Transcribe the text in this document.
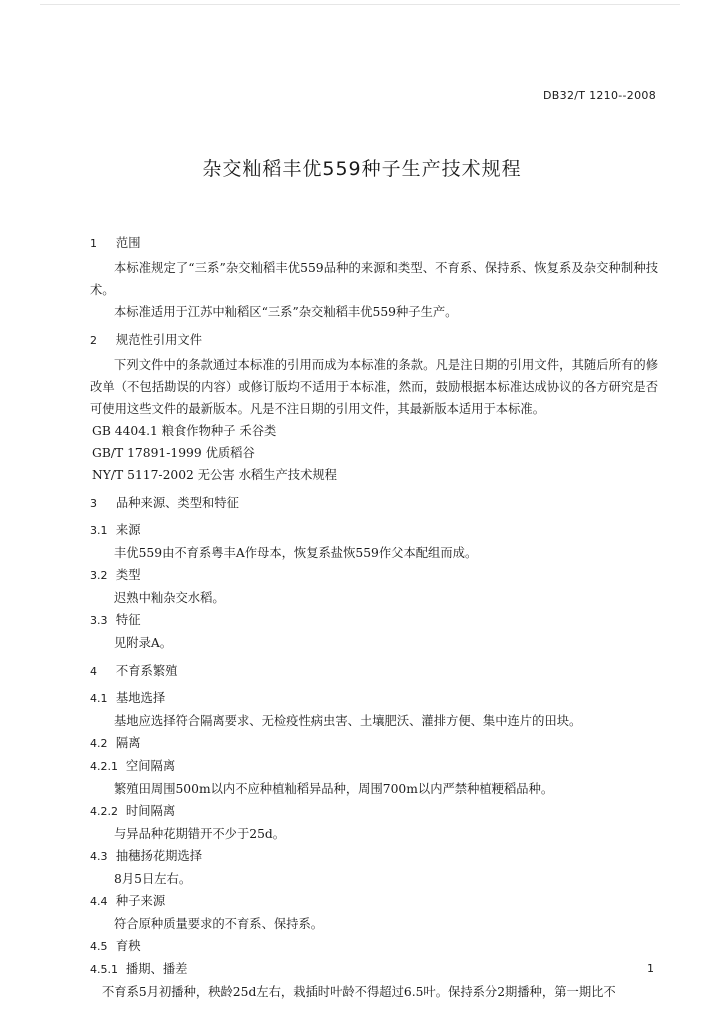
DB32/T 1210--2008
杂交籼稻丰优559种子生产技术规程
1 范围

本标准规定了“三系”杂交籼稻丰优559品种的来源和类型、不育系、保持系、恢复系及杂交种制种技术。

本标准适用于江苏中籼稻区“三系”杂交籼稻丰优559种子生产。

2 规范性引用文件

下列文件中的条款通过本标准的引用而成为本标准的条款。凡是注日期的引用文件，其随后所有的修改单（不包括勘误的内容）或修订版均不适用于本标准，然而，鼓励根据本标准达成协议的各方研究是否可使用这些文件的最新版本。凡是不注日期的引用文件，其最新版本适用于本标准。

GB 4404.1 粮食作物种子 禾谷类

GB/T 17891-1999 优质稻谷

NY/T 5117-2002 无公害 水稻生产技术规程

3 品种来源、类型和特征
3.1 来源

丰优559由不育系粤丰A作母本，恢复系盐恢559作父本配组而成。

3.2 类型

迟熟中籼杂交水稻。

3.3 特征

见附录A。

4 不育系繁殖
4.1 基地选择

基地应选择符合隔离要求、无检疫性病虫害、土壤肥沃、灌排方便、集中连片的田块。

4.2 隔离
4.2.1 空间隔离

繁殖田周围500m以内不应种植籼稻异品种，周围700m以内严禁种植粳稻品种。

4.2.2 时间隔离

与异品种花期错开不少于25d。

4.3 抽穗扬花期选择

8月5日左右。

4.4 种子来源

符合原种质量要求的不育系、保持系。

4.5 育秧
4.5.1 播期、播差

不育系5月初播种，秧龄25d左右，栽插时叶龄不得超过6.5叶。保持系分2期播种，第一期比不

1
